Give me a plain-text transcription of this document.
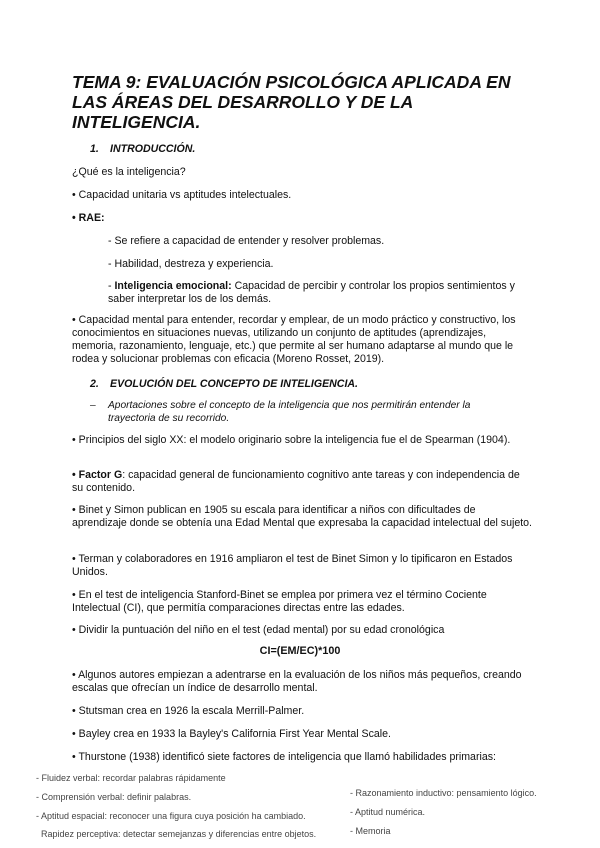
TEMA 9: EVALUACIÓN PSICOLÓGICA APLICADA EN LAS ÁREAS DEL DESARROLLO Y DE LA INTELIGENCIA.

1. INTRODUCCIÓN.

¿Qué es la inteligencia?

• Capacidad unitaria vs aptitudes intelectuales.

• RAE:

- Se refiere a capacidad de entender y resolver problemas.

- Habilidad, destreza y experiencia.

- Inteligencia emocional: Capacidad de percibir y controlar los propios sentimientos y saber interpretar los de los demás.

• Capacidad mental para entender, recordar y emplear, de un modo práctico y constructivo, los conocimientos en situaciones nuevas, utilizando un conjunto de aptitudes (aprendizajes, memoria, razonamiento, lenguaje, etc.) que permite al ser humano adaptarse al mundo que le rodea y solucionar problemas con eficacia (Moreno Rosset, 2019).

2. EVOLUCIÓN DEL CONCEPTO DE INTELIGENCIA.

– Aportaciones sobre el concepto de la inteligencia que nos permitirán entender la trayectoria de su recorrido.

• Principios del siglo XX: el modelo originario sobre la inteligencia fue el de Spearman (1904).

• Factor G: capacidad general de funcionamiento cognitivo ante tareas y con independencia de su contenido.

• Binet y Simon publican en 1905 su escala para identificar a niños con dificultades de aprendizaje donde se obtenía una Edad Mental que expresaba la capacidad intelectual del sujeto.

• Terman y colaboradores en 1916 ampliaron el test de Binet Simon y lo tipificaron en Estados Unidos.

• En el test de inteligencia Stanford-Binet se emplea por primera vez el término Cociente Intelectual (CI), que permitía comparaciones directas entre las edades.

• Dividir la puntuación del niño en el test (edad mental) por su edad cronológica

CI=(EM/EC)*100

• Algunos autores empiezan a adentrarse en la evaluación de los niños más pequeños, creando escalas que ofrecían un índice de desarrollo mental.

• Stutsman crea en 1926 la escala Merrill-Palmer.

• Bayley crea en 1933 la Bayley's California First Year Mental Scale.

• Thurstone (1938) identificó siete factores de inteligencia que llamó habilidades primarias:

- Fluidez verbal: recordar palabras rápidamente

- Comprensión verbal: definir palabras.

- Aptitud espacial: reconocer una figura cuya posición ha cambiado.

Rapidez perceptiva: detectar semejanzas y diferencias entre objetos.

- Razonamiento inductivo: pensamiento lógico.

- Aptitud numérica.

- Memoria
